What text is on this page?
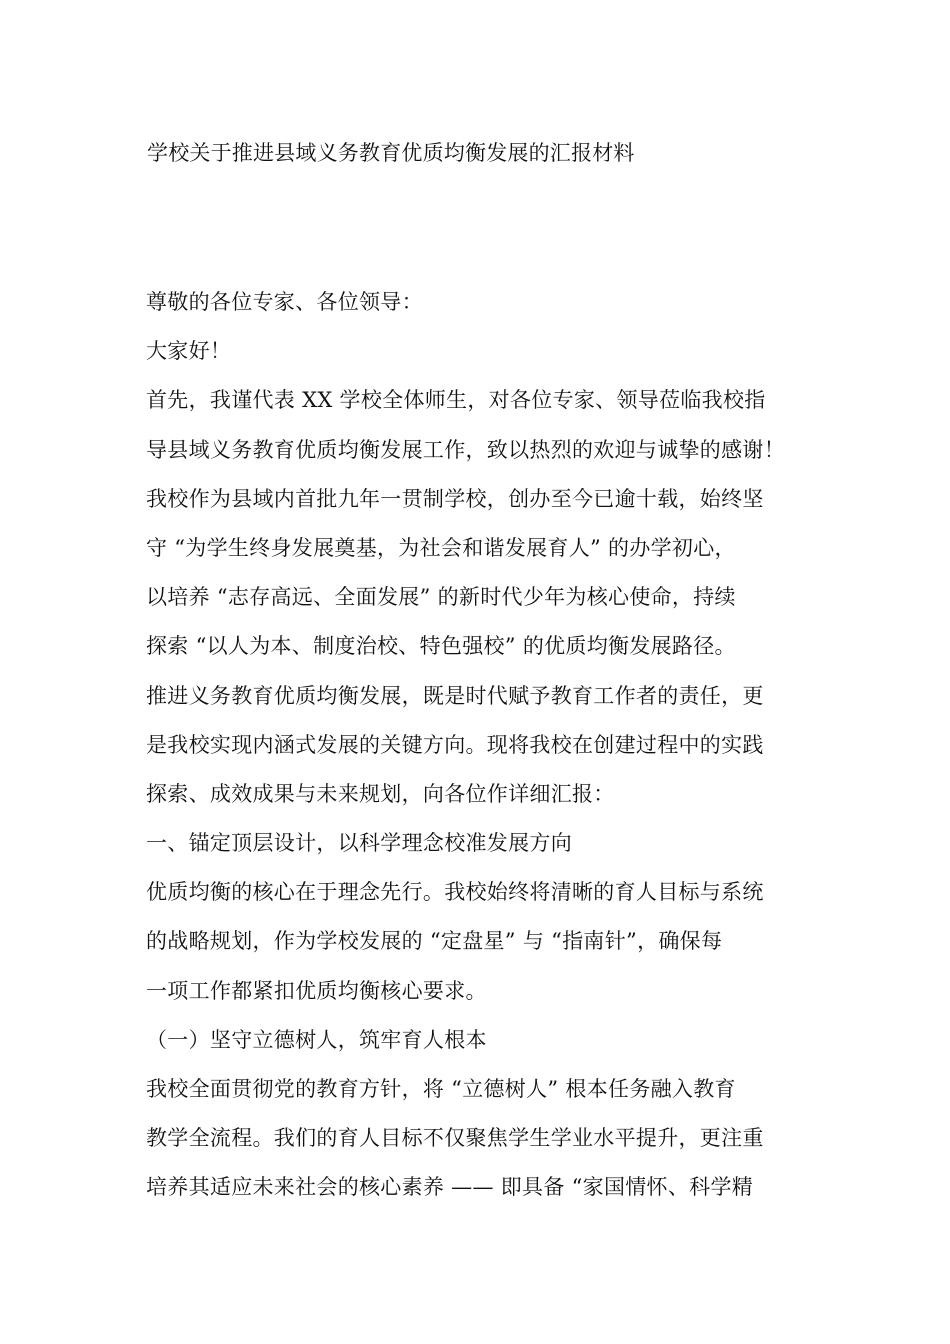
学校关于推进县域义务教育优质均衡发展的汇报材料
尊敬的各位专家、各位领导：
大家好！
首先，我谨代表 XX 学校全体师生，对各位专家、领导莅临我校指
导县域义务教育优质均衡发展工作，致以热烈的欢迎与诚挚的感谢！
我校作为县域内首批九年一贯制学校，创办至今已逾十载，始终坚
守 “为学生终身发展奠基，为社会和谐发展育人” 的办学初心，
以培养 “志存高远、全面发展” 的新时代少年为核心使命，持续
探索 “以人为本、制度治校、特色强校” 的优质均衡发展路径。
推进义务教育优质均衡发展，既是时代赋予教育工作者的责任，更
是我校实现内涵式发展的关键方向。现将我校在创建过程中的实践
探索、成效成果与未来规划，向各位作详细汇报：
一、锚定顶层设计，以科学理念校准发展方向
优质均衡的核心在于理念先行。我校始终将清晰的育人目标与系统
的战略规划，作为学校发展的 “定盘星” 与 “指南针”，确保每
一项工作都紧扣优质均衡核心要求。
（一）坚守立德树人，筑牢育人根本
我校全面贯彻党的教育方针，将 “立德树人” 根本任务融入教育
教学全流程。我们的育人目标不仅聚焦学生学业水平提升，更注重
培养其适应未来社会的核心素养 —— 即具备 “家国情怀、科学精
